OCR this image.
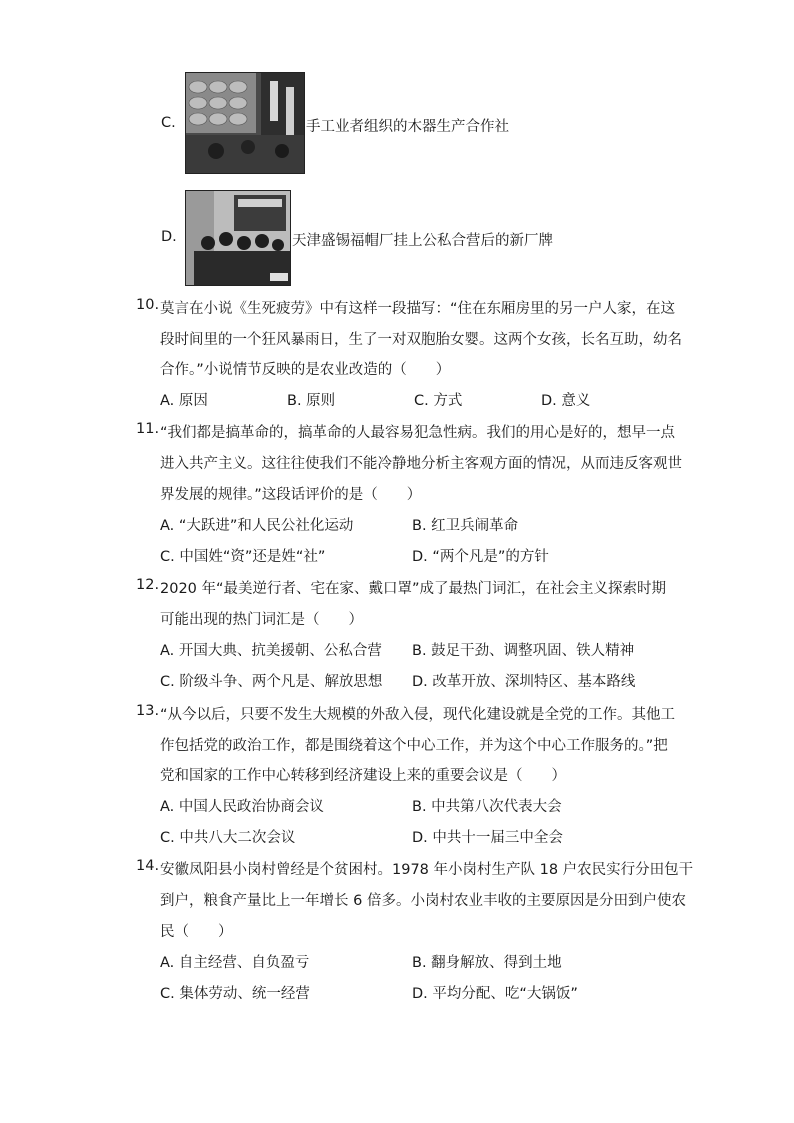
C.	手工业者组织的木器生产合作社
D.	天津盛锡福帽厂挂上公私合营后的新厂牌
10. 莫言在小说《生死疲劳》中有这样一段描写：“住在东厢房里的另一户人家，在这
段时间里的一个狂风暴雨日，生了一对双胞胎女婴。这两个女孩，长名互助，幼名
合作。”小说情节反映的是农业改造的（　　）
A. 原因	B. 原则	C. 方式	D. 意义
11. “我们都是搞革命的，搞革命的人最容易犯急性病。我们的用心是好的，想早一点
进入共产主义。这往往使我们不能冷静地分析主客观方面的情况，从而违反客观世
界发展的规律。”这段话评价的是（　　）
A. “大跃进”和人民公社化运动	B. 红卫兵闹革命
C. 中国姓“资”还是姓“社”	D. “两个凡是”的方针
12. 2020 年“最美逆行者、宅在家、戴口罩”成了最热门词汇，在社会主义探索时期
可能出现的热门词汇是（　　）
A. 开国大典、抗美援朝、公私合营 B. 鼓足干劲、调整巩固、铁人精神
C. 阶级斗争、两个凡是、解放思想 D. 改革开放、深圳特区、基本路线
13. “从今以后，只要不发生大规模的外敌入侵，现代化建设就是全党的工作。其他工
作包括党的政治工作，都是围绕着这个中心工作，并为这个中心工作服务的。”把
党和国家的工作中心转移到经济建设上来的重要会议是（　　）
A. 中国人民政治协商会议	B. 中共第八次代表大会
C. 中共八大二次会议	D. 中共十一届三中全会
14. 安徽凤阳县小岗村曾经是个贫困村。1978 年小岗村生产队 18 户农民实行分田包干
到户，粮食产量比上一年增长 6 倍多。小岗村农业丰收的主要原因是分田到户使农
民（　　）
A. 自主经营、自负盈亏	B. 翻身解放、得到土地
C. 集体劳动、统一经营	D. 平均分配、吃“大锅饭”
